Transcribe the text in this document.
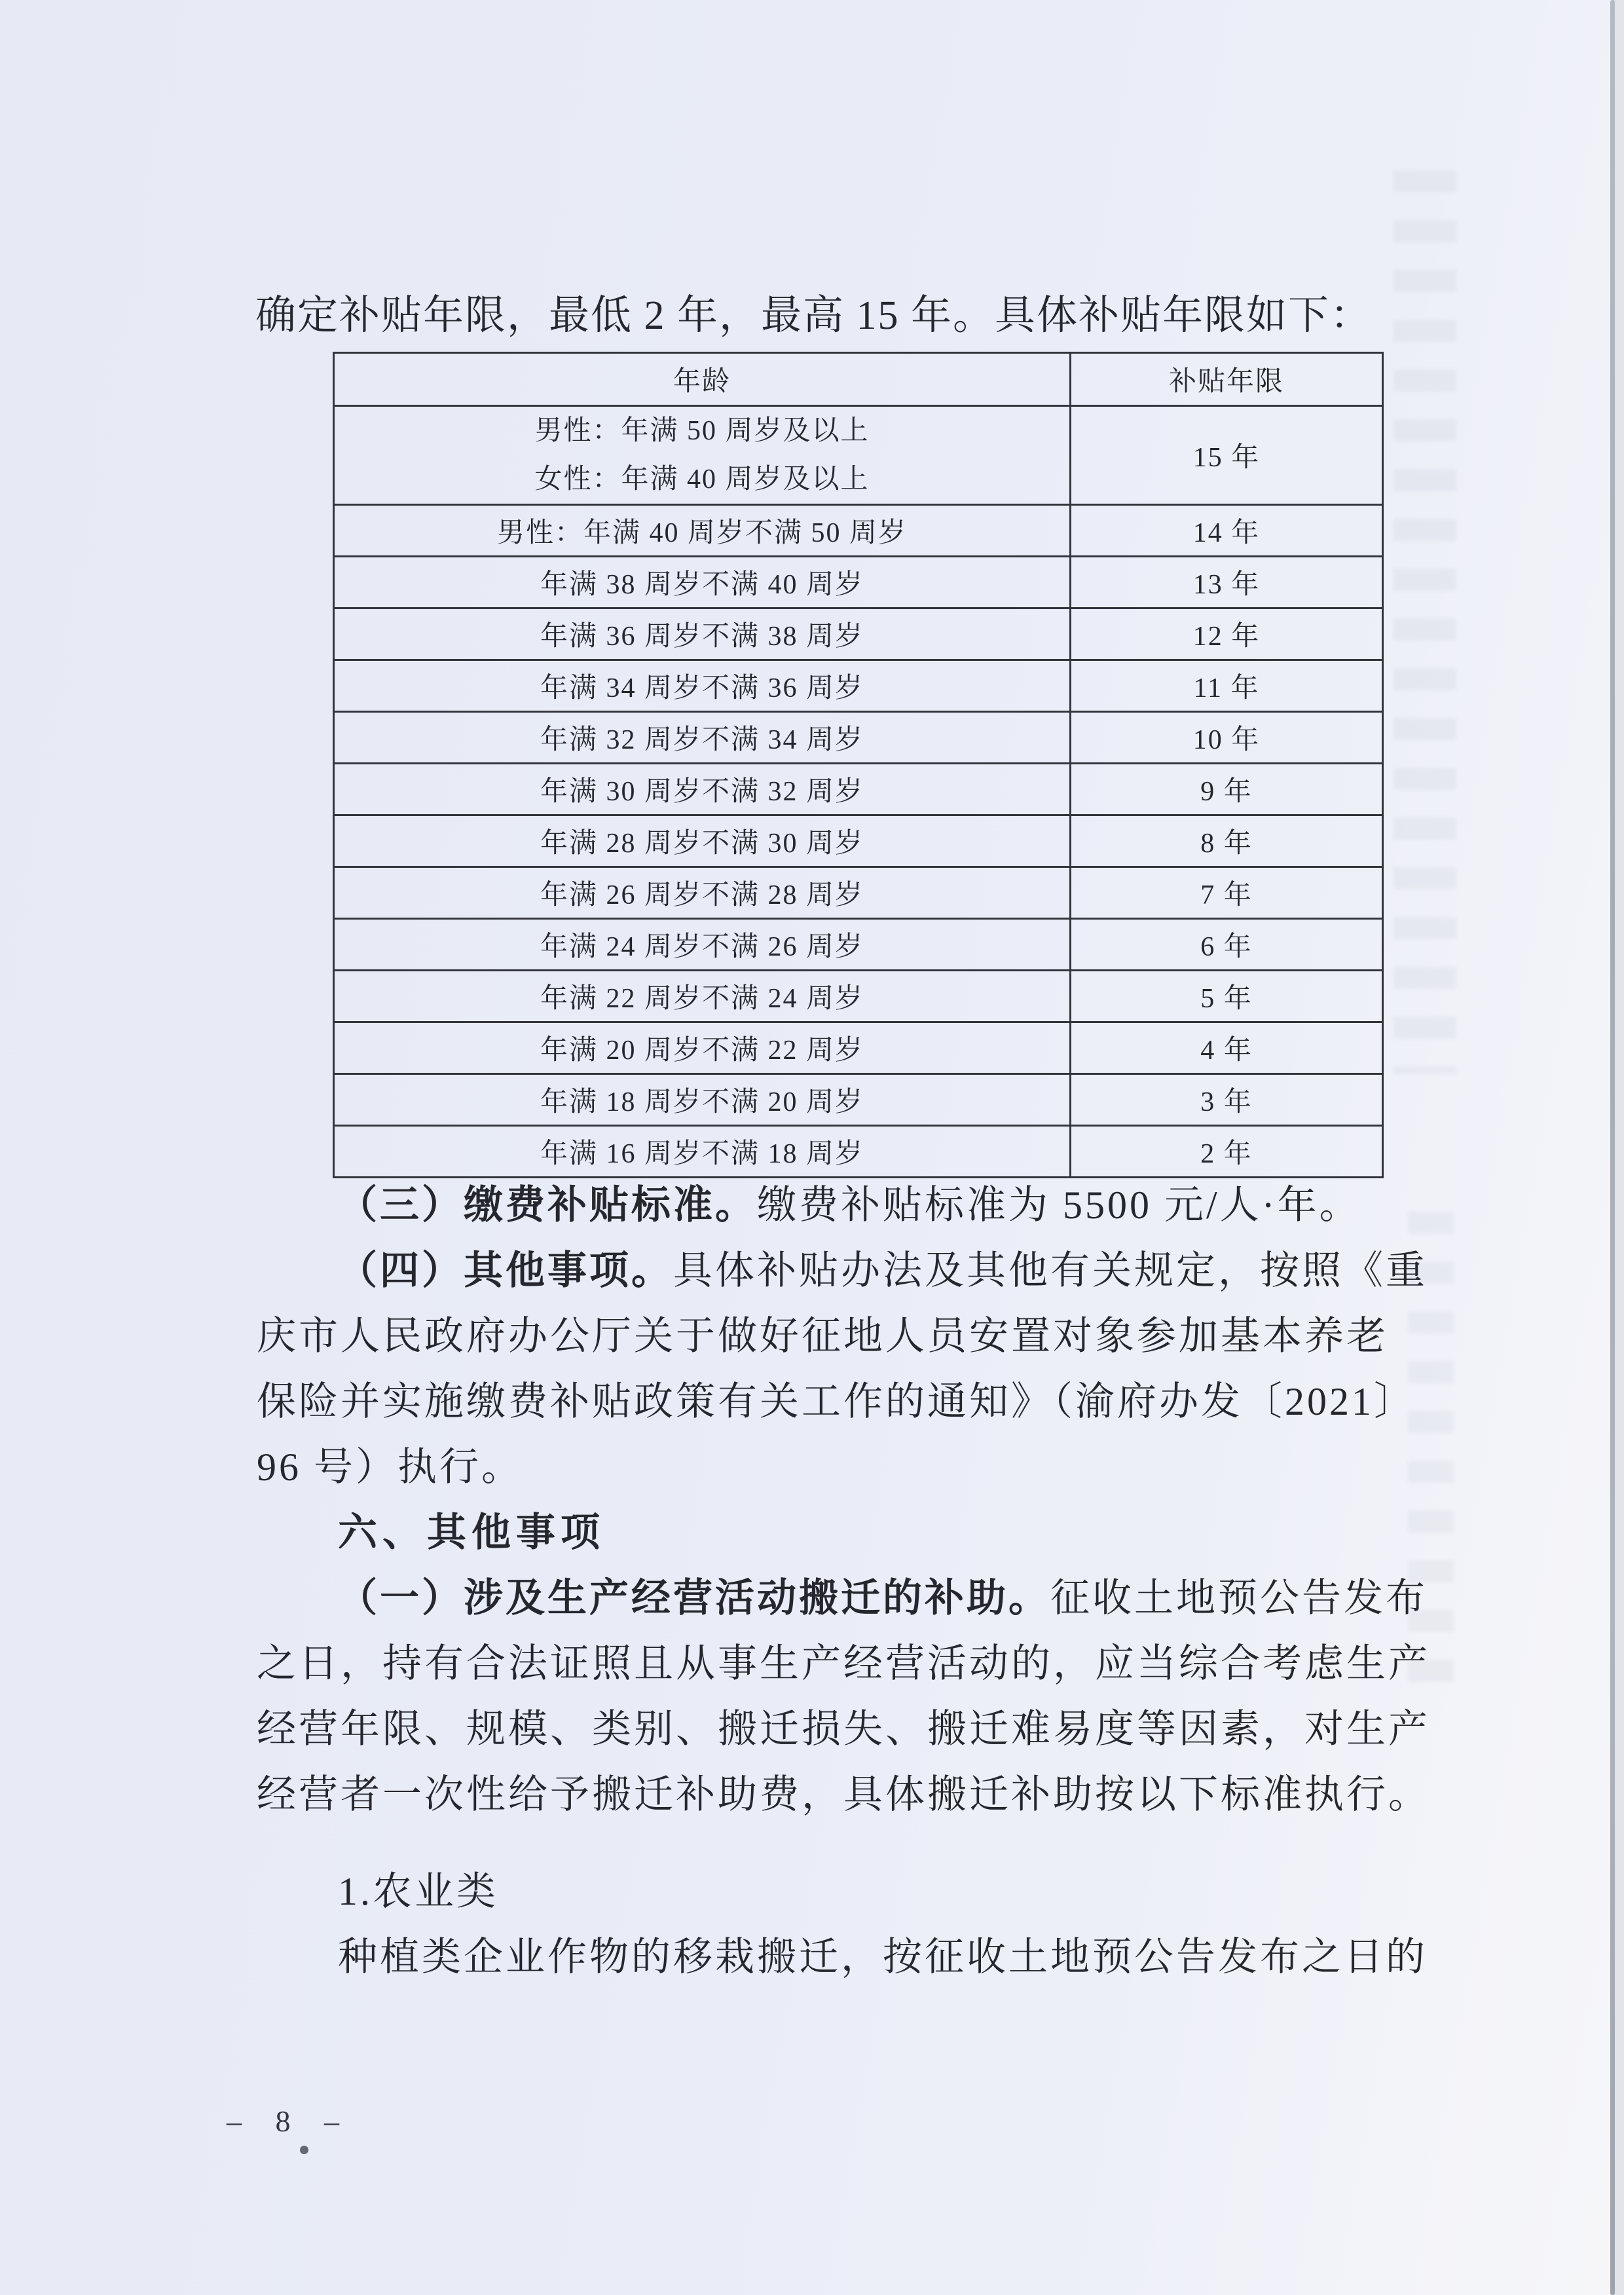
确定补贴年限，最低 2 年，最高 15 年。具体补贴年限如下：
年龄	补贴年限

男性：年满 50 周岁及以上
女性：年满 40 周岁及以上	15 年
男性：年满 40 周岁不满 50 周岁	14 年
年满 38 周岁不满 40 周岁	13 年
年满 36 周岁不满 38 周岁	12 年
年满 34 周岁不满 36 周岁	11 年
年满 32 周岁不满 34 周岁	10 年
年满 30 周岁不满 32 周岁	9 年
年满 28 周岁不满 30 周岁	8 年
年满 26 周岁不满 28 周岁	7 年
年满 24 周岁不满 26 周岁	6 年
年满 22 周岁不满 24 周岁	5 年
年满 20 周岁不满 22 周岁	4 年
年满 18 周岁不满 20 周岁	3 年
年满 16 周岁不满 18 周岁	2 年
（三）缴费补贴标准。缴费补贴标准为 5500 元/人·年。
（四）其他事项。具体补贴办法及其他有关规定，按照《重
庆市人民政府办公厅关于做好征地人员安置对象参加基本养老
保险并实施缴费补贴政策有关工作的通知》（渝府办发〔2021〕
96 号）执行。
六、其他事项
（一）涉及生产经营活动搬迁的补助。征收土地预公告发布
之日，持有合法证照且从事生产经营活动的，应当综合考虑生产
经营年限、规模、类别、搬迁损失、搬迁难易度等因素，对生产
经营者一次性给予搬迁补助费，具体搬迁补助按以下标准执行。
1.农业类
种植类企业作物的移栽搬迁，按征收土地预公告发布之日的
– 8 –
